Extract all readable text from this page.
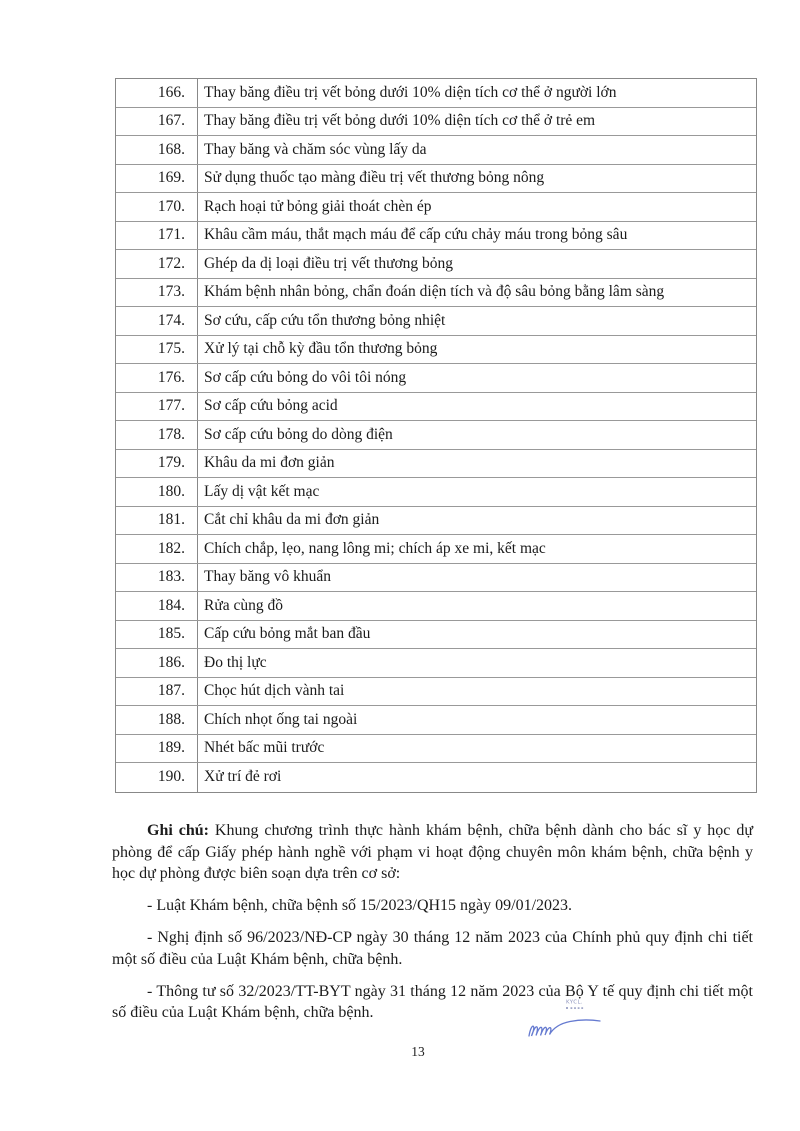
166.	Thay băng điều trị vết bỏng dưới 10% diện tích cơ thể ở người lớn
167.	Thay băng điều trị vết bỏng dưới 10% diện tích cơ thể ở trẻ em
168.	Thay băng và chăm sóc vùng lấy da
169.	Sử dụng thuốc tạo màng điều trị vết thương bỏng nông
170.	Rạch hoại tử bỏng giải thoát chèn ép
171.	Khâu cầm máu, thắt mạch máu để cấp cứu chảy máu trong bỏng sâu
172.	Ghép da dị loại điều trị vết thương bỏng
173.	Khám bệnh nhân bỏng, chẩn đoán diện tích và độ sâu bỏng bằng lâm sàng
174.	Sơ cứu, cấp cứu tổn thương bỏng nhiệt
175.	Xử lý tại chỗ kỳ đầu tổn thương bỏng
176.	Sơ cấp cứu bỏng do vôi tôi nóng
177.	Sơ cấp cứu bỏng acid
178.	Sơ cấp cứu bỏng do dòng điện
179.	Khâu da mi đơn giản
180.	Lấy dị vật kết mạc
181.	Cắt chỉ khâu da mi đơn giản
182.	Chích chắp, lẹo, nang lông mi; chích áp xe mi, kết mạc
183.	Thay băng vô khuẩn
184.	Rửa cùng đồ
185.	Cấp cứu bỏng mắt ban đầu
186.	Đo thị lực
187.	Chọc hút dịch vành tai
188.	Chích nhọt ống tai ngoài
189.	Nhét bấc mũi trước
190.	Xử trí đẻ rơi

Ghi chú: Khung chương trình thực hành khám bệnh, chữa bệnh dành cho bác sĩ y học dự phòng để cấp Giấy phép hành nghề với phạm vi hoạt động chuyên môn khám bệnh, chữa bệnh y học dự phòng được biên soạn dựa trên cơ sở:

- Luật Khám bệnh, chữa bệnh số 15/2023/QH15 ngày 09/01/2023.

- Nghị định số 96/2023/NĐ-CP ngày 30 tháng 12 năm 2023 của Chính phủ quy định chi tiết một số điều của Luật Khám bệnh, chữa bệnh.

- Thông tư số 32/2023/TT-BYT ngày 31 tháng 12 năm 2023 của Bộ Y tế quy định chi tiết một số điều của Luật Khám bệnh, chữa bệnh.

KYCL.
13
